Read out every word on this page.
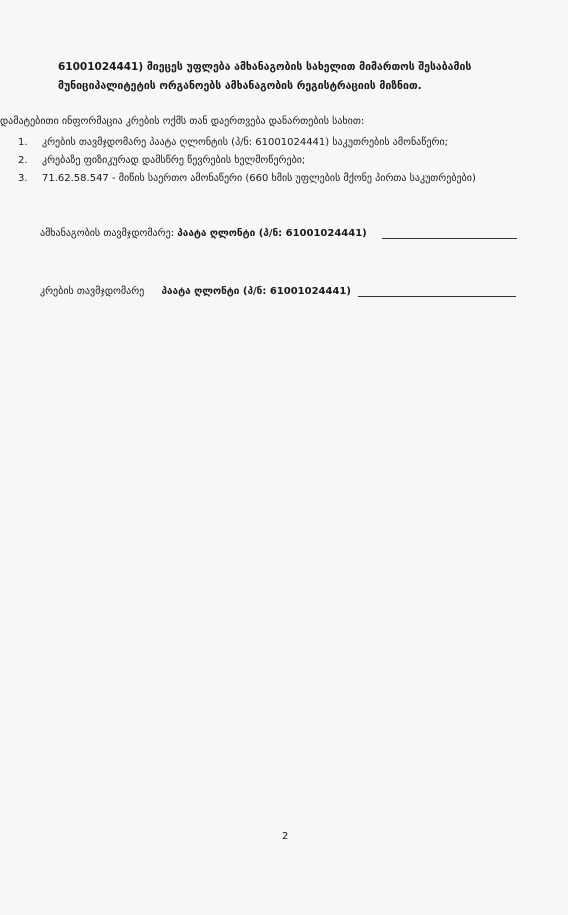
61001024441) მიეცეს უფლება ამხანაგობის სახელით მიმართოს შესაბამის
მუნიციპალიტეტის ორგანოებს ამხანაგობის რეგისტრაციის მიზნით.
დამატებითი ინფორმაცია კრების ოქმს თან დაერთვება დანართების სახით:
1. კრების თავმჯდომარე პაატა ღლონტის (პ/ნ: 61001024441) საკუთრების ამონაწერი;
2. კრებაზე ფიზიკურად დამსწრე წევრების ხელმოწერები;
3. 71.62.58.547 - მიწის საერთო ამონაწერი (660 ხმის უფლების მქონე პირთა საკუთრებები)
ამხანაგობის თავმჯდომარე: პაატა ღლონტი (პ/ნ: 61001024441)
კრების თავმჯდომარე პაატა ღლონტი (პ/ნ: 61001024441)
2
